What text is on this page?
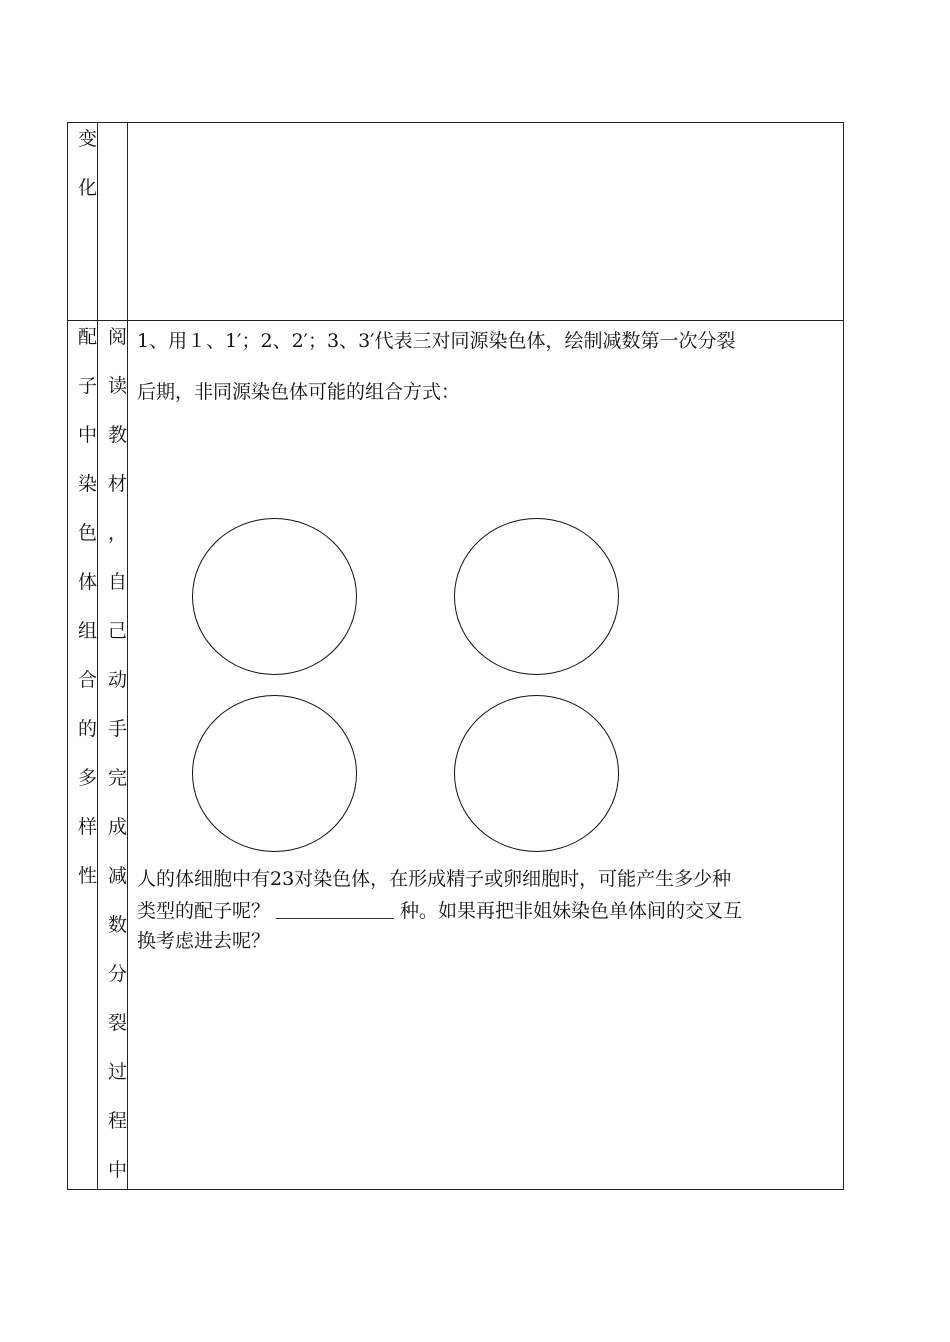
变
化
配
子
中
染
色
体
组
合
的
多
样
性
阅
读
教
材
，
自
己
动
手
完
成
减
数
分
裂
过
程
中
1、用１、1′；2、2′；3、3′代表三对同源染色体，绘制减数第一次分裂
后期，非同源染色体可能的组合方式：
人的体细胞中有23对染色体，在形成精子或卵细胞时，可能产生多少种
类型的配子呢？	种。如果再把非姐妹染色单体间的交叉互
换考虑进去呢？
